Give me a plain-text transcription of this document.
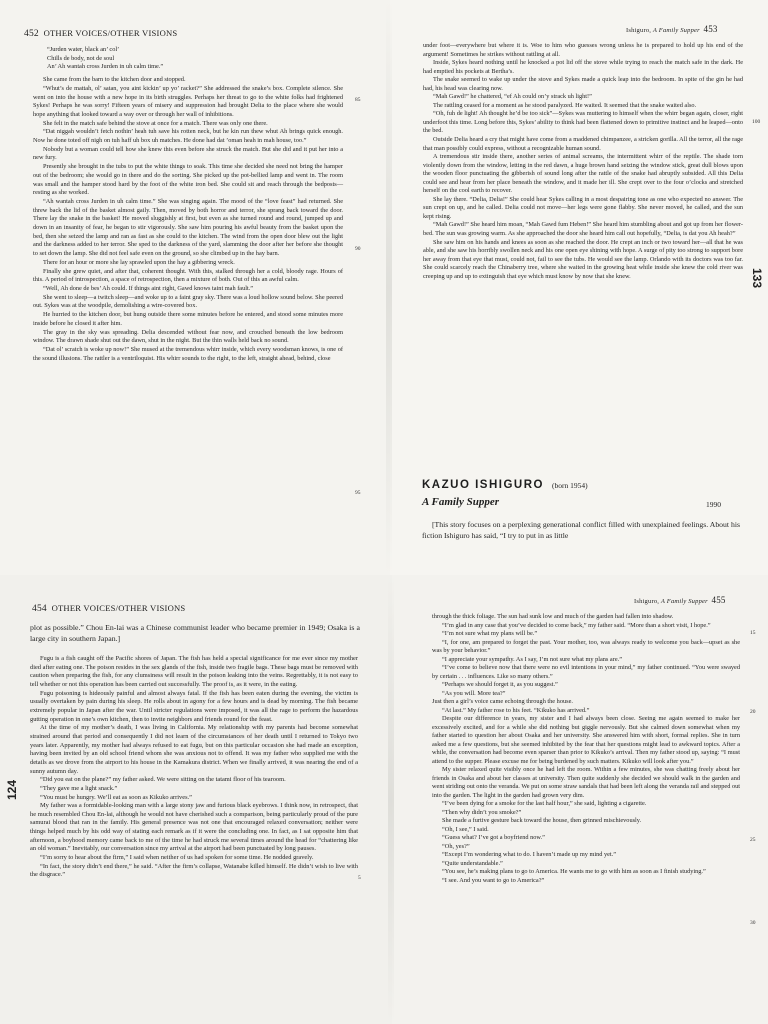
452 OTHER VOICES/OTHER VISIONS

“Jurden water, black an’ col’

Chills de body, not de soul

An’ Ah wantah cross Jurden in uh calm time.”

She came from the barn to the kitchen door and stopped.

“Whut’s de mattah, ol’ satan, you aint kickin’ up yo’ racket?” She addressed the snake’s box. Complete silence. She went on into the house with a new hope in its birth struggles. Perhaps her threat to go to the white folks had frightened Sykes! Perhaps he was sorry! Fifteen years of misery and suppression had brought Delia to the place where she would hope anything that looked toward a way over or through her wall of inhibitions.

She felt in the match safe behind the stove at once for a match. There was only one there.

“Dat niggah wouldn’t fetch nothin’ heah tuh save his rotten neck, but he kin run thew whut Ah brings quick enough. Now he done toted off nigh on tuh haff uh box uh matches. He done had dat ’oman heah in mah house, too.”

Nobody but a woman could tell how she knew this even before she struck the match. But she did and it put her into a new fury.

Presently she brought in the tubs to put the white things to soak. This time she decided she need not bring the hamper out of the bedroom; she would go in there and do the sorting. She picked up the pot-bellied lamp and went in. The room was small and the hamper stood hard by the foot of the white iron bed. She could sit and reach through the bedposts—resting as she worked.

“Ah wantah cross Jurden in uh calm time.” She was singing again. The mood of the “love feast” had returned. She threw back the lid of the basket almost gaily. Then, moved by both horror and terror, she sprang back toward the door. There lay the snake in the basket! He moved sluggishly at first, but even as she turned round and round, jumped up and down in an insanity of fear, he began to stir vigorously. She saw him pouring his awful beauty from the basket upon the bed, then she seized the lamp and ran as fast as she could to the kitchen. The wind from the open door blew out the light and the darkness added to her terror. She sped to the darkness of the yard, slamming the door after her before she thought to set down the lamp. She did not feel safe even on the ground, so she climbed up in the hay barn.

There for an hour or more she lay sprawled upon the hay a gibbering wreck.

Finally she grew quiet, and after that, coherent thought. With this, stalked through her a cold, bloody rage. Hours of this. A period of introspection, a space of retrospection, then a mixture of both. Out of this an awful calm.

“Well, Ah done de bes’ Ah could. If things aint right, Gawd knows taint mah fault.”

She went to sleep—a twitch sleep—and woke up to a faint gray sky. There was a loud hollow sound below. She peered out. Sykes was at the woodpile, demolishing a wire-covered box.

He hurried to the kitchen door, but hung outside there some minutes before he entered, and stood some minutes more inside before he closed it after him.

The gray in the sky was spreading. Delia descended without fear now, and crouched beneath the low bedroom window. The drawn shade shut out the dawn, shut in the night. But the thin walls held back no sound.

“Dat ol’ scratch is woke up now!” She mused at the tremendous whirr inside, which every woodsman knows, is one of the sound illusions. The rattler is a ventriloquist. His whirr sounds to the right, to the left, straight ahead, behind, close

85
90
95
Ishiguro, A Family Supper 453

under foot—everywhere but where it is. Woe to him who guesses wrong unless he is prepared to hold up his end of the argument! Sometimes he strikes without rattling at all.

Inside, Sykes heard nothing until he knocked a pot lid off the stove while trying to reach the match safe in the dark. He had emptied his pockets at Bertha’s.

The snake seemed to wake up under the stove and Sykes made a quick leap into the bedroom. In spite of the gin he had had, his head was clearing now.

“Mah Gawd!” he chattered, “ef Ah could on’y strack uh light!”

The rattling ceased for a moment as he stood paralyzed. He waited. It seemed that the snake waited also.

“Oh, fuh de light! Ah thought he’d be too sick”—Sykes was muttering to himself when the whirr began again, closer, right underfoot this time. Long before this, Sykes’ ability to think had been flattened down to primitive instinct and he leaped—onto the bed.

Outside Delia heard a cry that might have come from a maddened chimpanzee, a stricken gorilla. All the terror, all the rage that man possibly could express, without a recognizable human sound.

A tremendous stir inside there, another series of animal screams, the intermittent whirr of the reptile. The shade torn violently down from the window, letting in the red dawn, a huge brown hand seizing the window stick, great dull blows upon the wooden floor punctuating the gibberish of sound long after the rattle of the snake had abruptly subsided. All this Delia could see and hear from her place beneath the window, and it made her ill. She crept over to the four o’clocks and stretched herself on the cool earth to recover.

She lay there. “Delia, Delia!” She could hear Sykes calling in a most despairing tone as one who expected no answer. The sun crept on up, and he called. Delia could not move—her legs were gone flabby. She never moved, he called, and the sun kept rising.

“Mah Gawd!” She heard him moan, “Mah Gawd fum Heben!” She heard him stumbling about and got up from her flower-bed. The sun was growing warm. As she approached the door she heard him call out hopefully, “Delia, is dat you Ah heah?”

She saw him on his hands and knees as soon as she reached the door. He crept an inch or two toward her—all that he was able, and she saw his horribly swollen neck and his one open eye shining with hope. A surge of pity too strong to support bore her away from that eye that must, could not, fail to see the tubs. He would see the lamp. Orlando with its doctors was too far. She could scarcely reach the Chinaberry tree, where she waited in the growing heat while inside she knew the cold river was creeping up and up to extinguish that eye which must know by now that she knew.

100
133
KAZUO ISHIGURO (born 1954)
A Family Supper	1990

[This story focuses on a perplexing generational conflict filled with unexplained feelings. About his fiction Ishiguro has said, “I try to put in as little

454 OTHER VOICES/OTHER VISIONS

plot as possible.” Chou En-lai was a Chinese communist leader who became premier in 1949; Osaka is a large city in southern Japan.]

Fugu is a fish caught off the Pacific shores of Japan. The fish has held a special significance for me ever since my mother died after eating one. The poison resides in the sex glands of the fish, inside two fragile bags. These bags must be removed with caution when preparing the fish, for any clumsiness will result in the poison leaking into the veins. Regrettably, it is not easy to tell whether or not this operation has been carried out successfully. The proof is, as it were, in the eating.

Fugu poisoning is hideously painful and almost always fatal. If the fish has been eaten during the evening, the victim is usually overtaken by pain during his sleep. He rolls about in agony for a few hours and is dead by morning. The fish became extremely popular in Japan after the war. Until stricter regulations were imposed, it was all the rage to perform the hazardous gutting operation in one’s own kitchen, then to invite neighbors and friends round for the feast.

At the time of my mother’s death, I was living in California. My relationship with my parents had become somewhat strained around that period and consequently I did not learn of the circumstances of her death until I returned to Tokyo two years later. Apparently, my mother had always refused to eat fugu, but on this particular occasion she had made an exception, having been invited by an old school friend whom she was anxious not to offend. It was my father who supplied me with the details as we drove from the airport to his house in the Kamakura district. When we finally arrived, it was nearing the end of a sunny autumn day.

“Did you eat on the plane?” my father asked. We were sitting on the tatami floor of his tearoom.

“They gave me a light snack.”

“You must be hungry. We’ll eat as soon as Kikuko arrives.”

My father was a formidable-looking man with a large stony jaw and furious black eyebrows. I think now, in retrospect, that he much resembled Chou En-lai, although he would not have cherished such a comparison, being particularly proud of the pure samurai blood that ran in the family. His general presence was not one that encouraged relaxed conversation; neither were things helped much by his odd way of stating each remark as if it were the concluding one. In fact, as I sat opposite him that afternoon, a boyhood memory came back to me of the time he had struck me several times around the head for “chattering like an old woman.” Inevitably, our conversation since my arrival at the airport had been punctuated by long pauses.

“I’m sorry to hear about the firm,” I said when neither of us had spoken for some time. He nodded gravely.

“In fact, the story didn’t end there,” he said. “After the firm’s collapse, Watanabe killed himself. He didn’t wish to live with the disgrace.”

124
5
Ishiguro, A Family Supper 455

through the thick foliage. The sun had sunk low and much of the garden had fallen into shadow.

“I’m glad in any case that you’ve decided to come back,” my father said. “More than a short visit, I hope.”

“I’m not sure what my plans will be.”

“I, for one, am prepared to forget the past. Your mother, too, was always ready to welcome you back—upset as she was by your behavior.”

“I appreciate your sympathy. As I say, I’m not sure what my plans are.”

“I’ve come to believe now that there were no evil intentions in your mind,” my father continued. “You were swayed by certain . . . influences. Like so many others.”

“Perhaps we should forget it, as you suggest.”

“As you will. More tea?”

Just then a girl’s voice came echoing through the house.

“At last.” My father rose to his feet. “Kikuko has arrived.”

Despite our difference in years, my sister and I had always been close. Seeing me again seemed to make her excessively excited, and for a while she did nothing but giggle nervously. But she calmed down somewhat when my father started to question her about Osaka and her university. She answered him with short, formal replies. She in turn asked me a few questions, but she seemed inhibited by the fear that her questions might lead to awkward topics. After a while, the conversation had become even sparser than prior to Kikuko’s arrival. Then my father stood up, saying: “I must attend to the supper. Please excuse me for being burdened by such matters. Kikuko will look after you.”

My sister relaxed quite visibly once he had left the room. Within a few minutes, she was chatting freely about her friends in Osaka and about her classes at university. Then quite suddenly she decided we should walk in the garden and went striding out onto the veranda. We put on some straw sandals that had been left along the veranda rail and stepped out into the garden. The light in the garden had grown very dim.

“I’ve been dying for a smoke for the last half hour,” she said, lighting a cigarette.

“Then why didn’t you smoke?”

She made a furtive gesture back toward the house, then grinned mischievously.

“Oh, I see,” I said.

“Guess what? I’ve got a boyfriend now.”

“Oh, yes?”

“Except I’m wondering what to do. I haven’t made up my mind yet.”

“Quite understandable.”

“You see, he’s making plans to go to America. He wants me to go with him as soon as I finish studying.”

“I see. And you want to go to America?”

15
20
25
30
